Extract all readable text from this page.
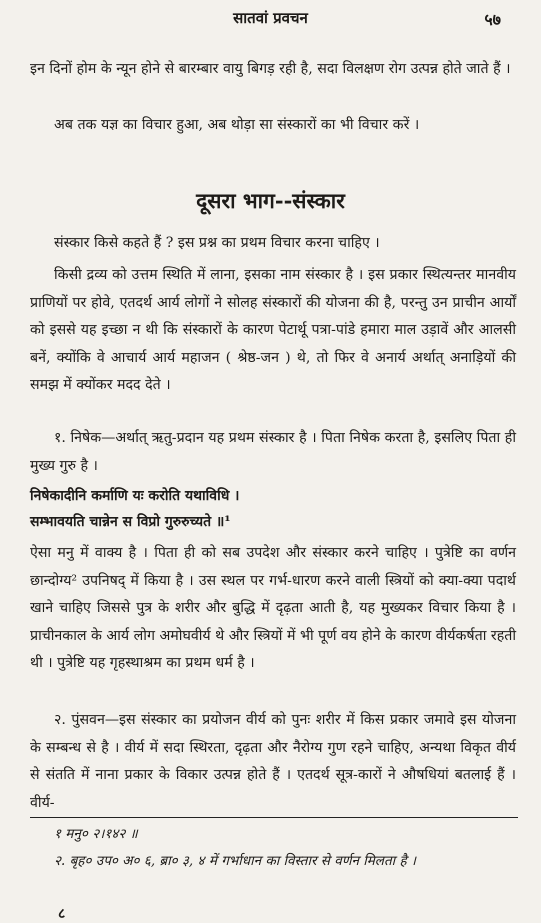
सातवां प्रवचन	५७

इन दिनों होम के न्यून होने से बारम्बार वायु बिगड़ रही है, सदा विलक्षण रोग उत्पन्न होते जाते हैं ।

अब तक यज्ञ का विचार हुआ, अब थोड़ा सा संस्कारों का भी विचार करें ।

दूसरा भाग--संस्कार

संस्कार किसे कहते हैं ? इस प्रश्न का प्रथम विचार करना चाहिए ।

किसी द्रव्य को उत्तम स्थिति में लाना, इसका नाम संस्कार है । इस प्रकार स्थित्यन्तर मानवीय प्राणियों पर होवे, एतदर्थ आर्य लोगों ने सोलह संस्कारों की योजना की है, परन्तु उन प्राचीन आर्यों को इससे यह इच्छा न थी कि संस्कारों के कारण पेटार्थू पत्रा-पांडे हमारा माल उड़ावें और आलसी बनें, क्योंकि वे आचार्य आर्य महाजन ( श्रेष्ठ-जन ) थे, तो फिर वे अनार्य अर्थात् अनाड़ियों की समझ में क्योंकर मदद देते ।

१. निषेक—अर्थात् ऋतु-प्रदान यह प्रथम संस्कार है । पिता निषेक करता है, इसलिए पिता ही मुख्य गुरु है ।

निषेकादीनि कर्माणि यः करोति यथाविधि ।
सम्भावयति चान्नेन स विप्रो गुरुरुच्यते ॥¹

ऐसा मनु में वाक्य है । पिता ही को सब उपदेश और संस्कार करने चाहिए । पुत्रेष्टि का वर्णन छान्दोग्य² उपनिषद् में किया है । उस स्थल पर गर्भ-धारण करने वाली स्त्रियों को क्या-क्या पदार्थ खाने चाहिए जिससे पुत्र के शरीर और बुद्धि में दृढ़ता आती है, यह मुख्यकर विचार किया है । प्राचीनकाल के आर्य लोग अमोघवीर्य थे और स्त्रियों में भी पूर्ण वय होने के कारण वीर्यकर्षता रहती थी । पुत्रेष्टि यह गृहस्थाश्रम का प्रथम धर्म है ।

२. पुंसवन—इस संस्कार का प्रयोजन वीर्य को पुनः शरीर में किस प्रकार जमावे इस योजना के सम्बन्ध से है । वीर्य में सदा स्थिरता, दृढ़ता और नैरोग्य गुण रहने चाहिए, अन्यथा विकृत वीर्य से संतति में नाना प्रकार के विकार उत्पन्न होते हैं । एतदर्थ सूत्र-कारों ने औषधियां बतलाई हैं । वीर्य-

१ मनु० २।१४२ ॥

२. बृह० उप० अ० ६, ब्रा० ३, ४ में गर्भाधान का विस्तार से वर्णन मिलता है ।

८
